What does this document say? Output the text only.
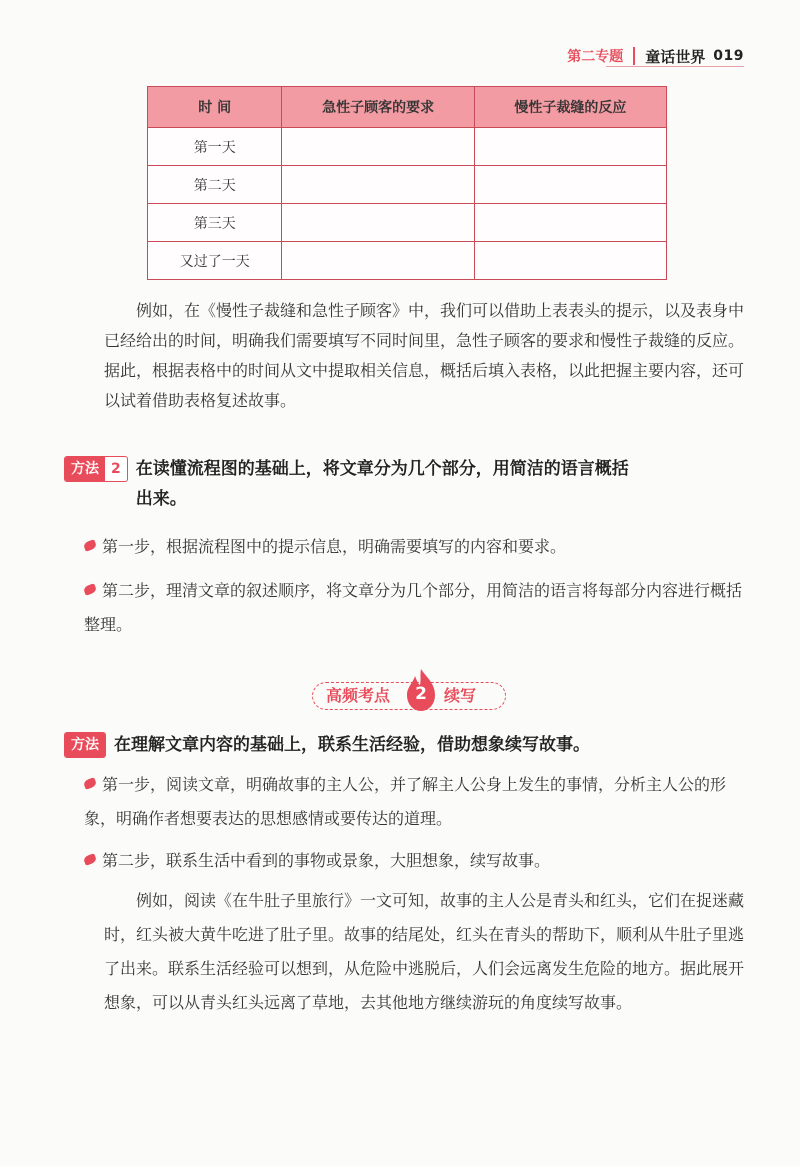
第二专题 童话世界 019
时 间	急性子顾客的要求	慢性子裁缝的反应
第一天		
第二天		
第三天		
又过了一天		

例如，在《慢性子裁缝和急性子顾客》中，我们可以借助上表表头的提示，以及表身中已经给出的时间，明确我们需要填写不同时间里，急性子顾客的要求和慢性子裁缝的反应。据此，根据表格中的时间从文中提取相关信息，概括后填入表格，以此把握主要内容，还可以试着借助表格复述故事。

方法 2 在读懂流程图的基础上，将文章分为几个部分，用简洁的语言概括
出来。

第一步，根据流程图中的提示信息，明确需要填写的内容和要求。

第二步，理清文章的叙述顺序，将文章分为几个部分，用简洁的语言将每部分内容进行概括整理。

高频考点 2 续写
方法 在理解文章内容的基础上，联系生活经验，借助想象续写故事。

第一步，阅读文章，明确故事的主人公，并了解主人公身上发生的事情，分析主人公的形象，明确作者想要表达的思想感情或要传达的道理。

第二步，联系生活中看到的事物或景象，大胆想象，续写故事。

例如，阅读《在牛肚子里旅行》一文可知，故事的主人公是青头和红头，它们在捉迷藏时，红头被大黄牛吃进了肚子里。故事的结尾处，红头在青头的帮助下，顺利从牛肚子里逃了出来。联系生活经验可以想到，从危险中逃脱后，人们会远离发生危险的地方。据此展开想象，可以从青头红头远离了草地，去其他地方继续游玩的角度续写故事。
